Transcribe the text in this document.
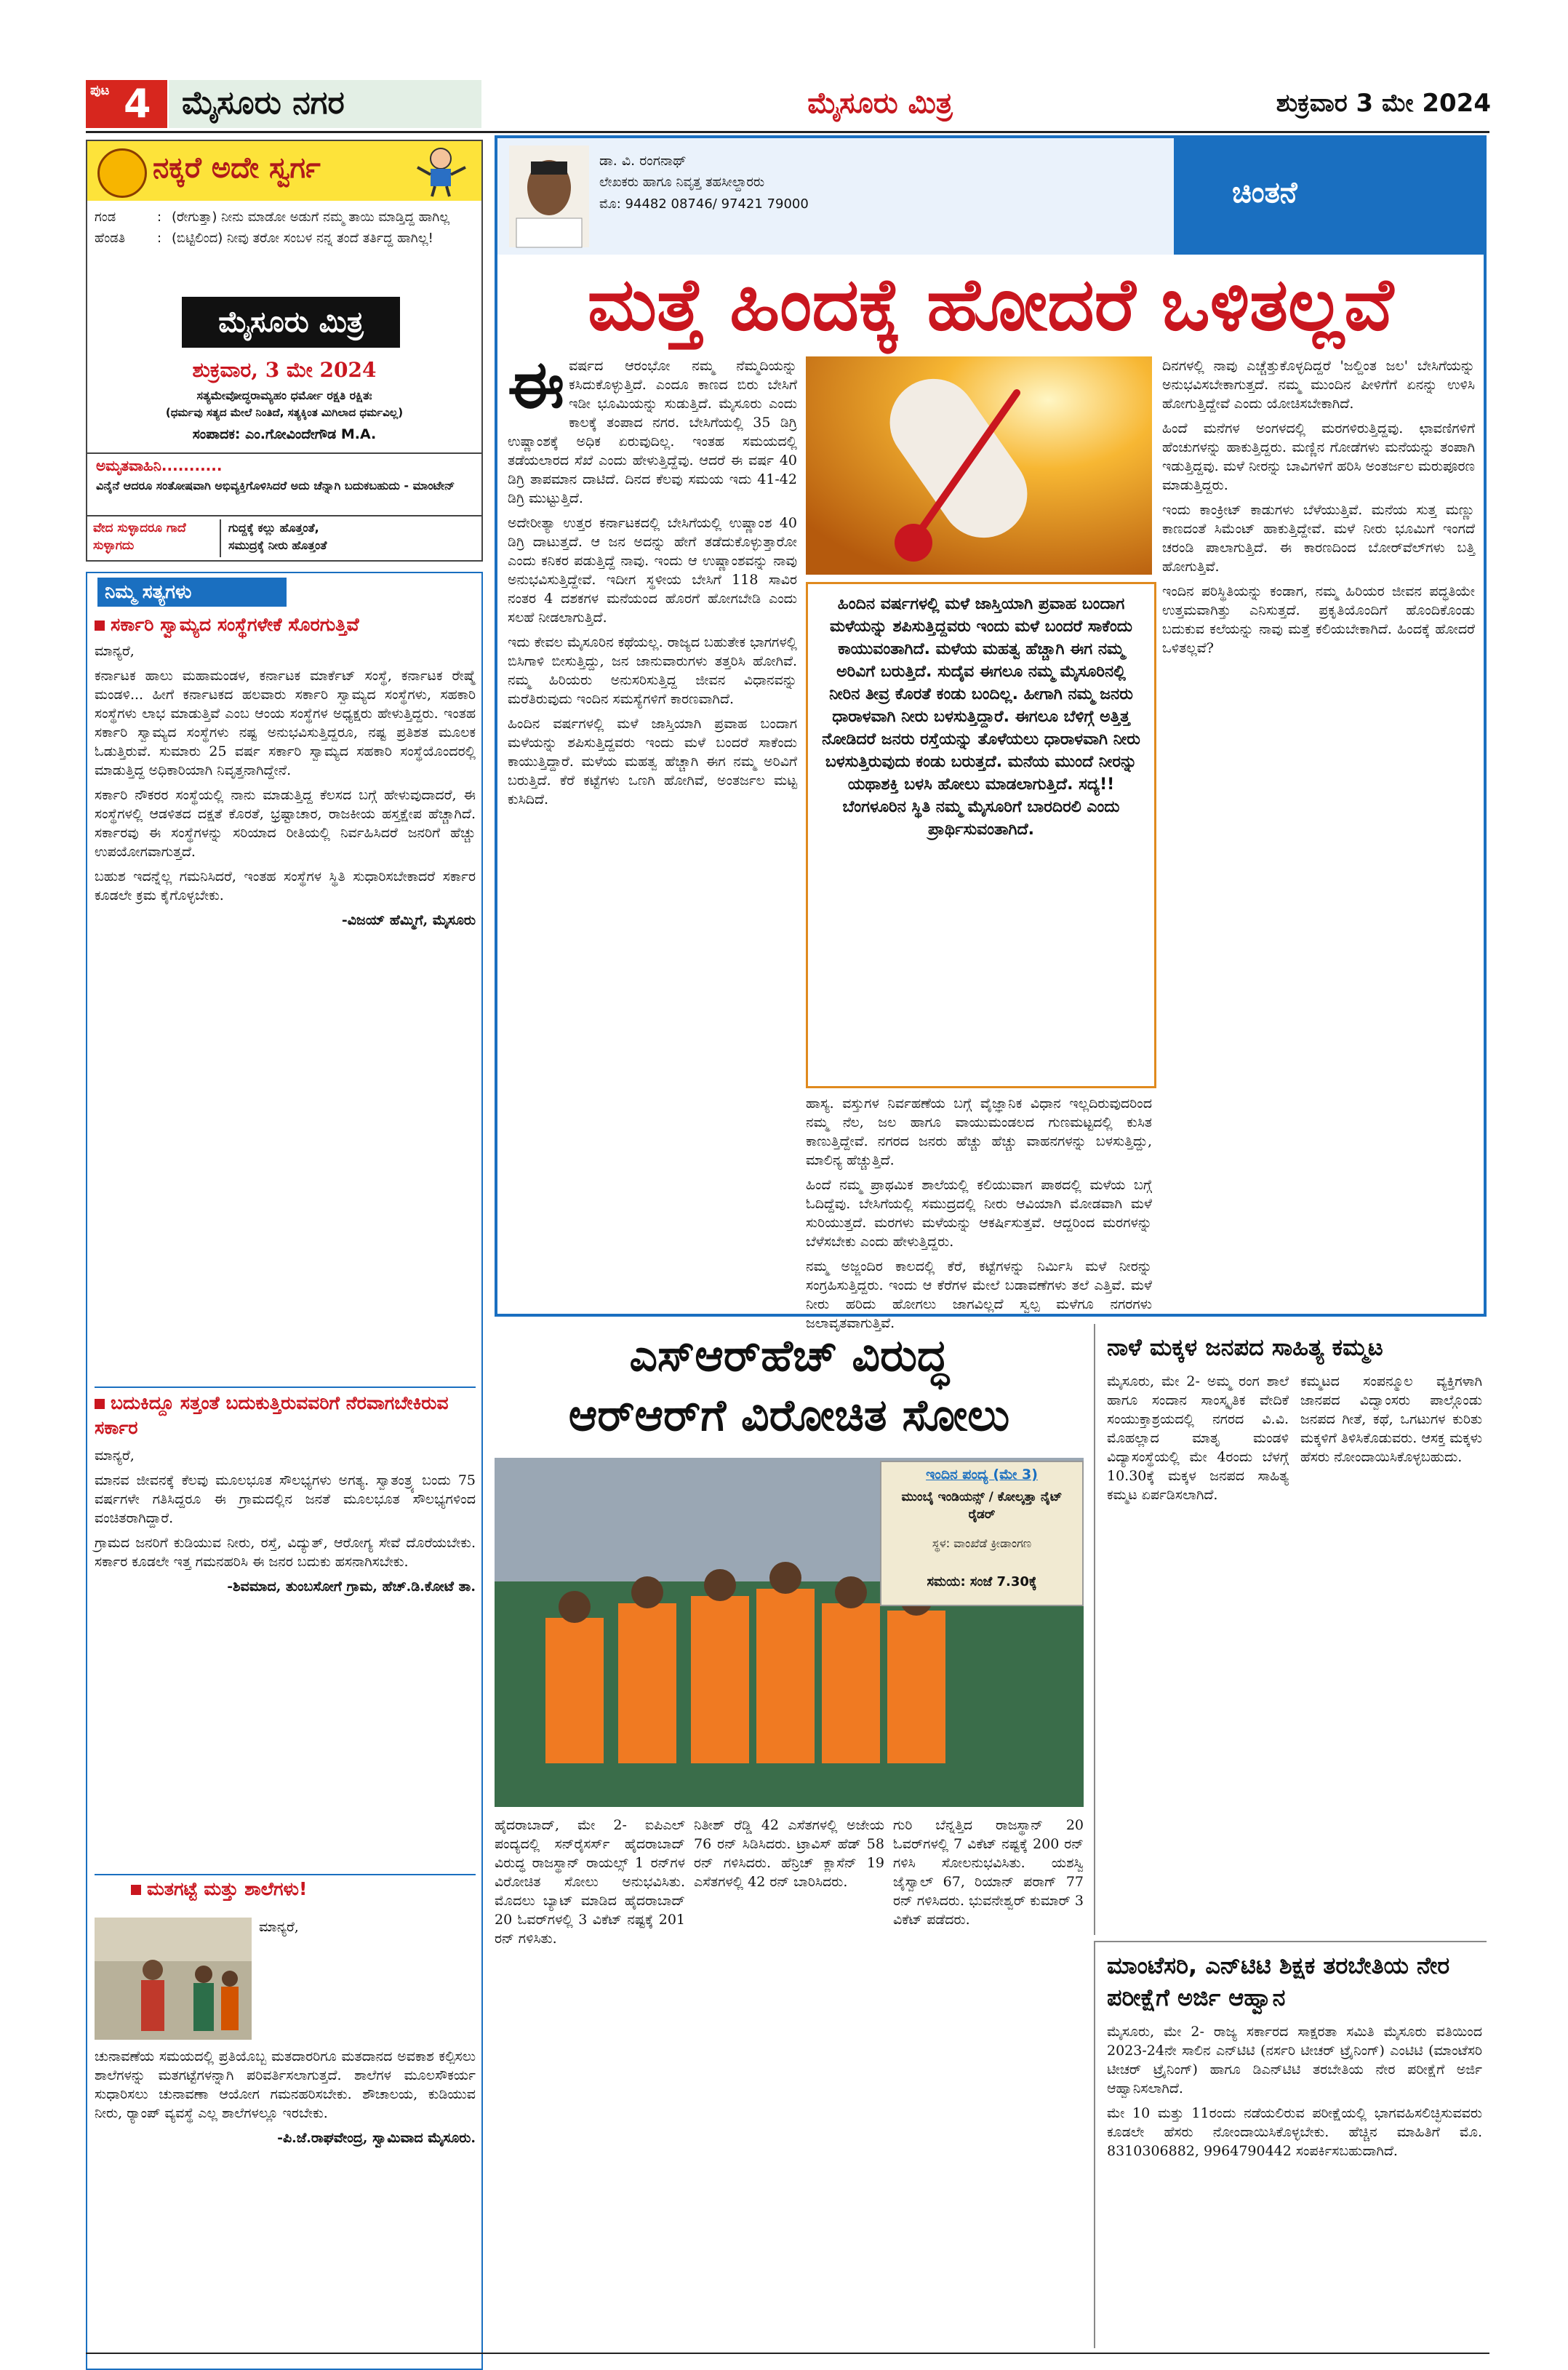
ಪುಟ 4 ಮೈಸೂರು ನಗರ	ಮೈಸೂರು ಮಿತ್ರ	ಶುಕ್ರವಾರ 3 ಮೇ 2024
ನಕ್ಕರೆ ಅದೇ ಸ್ವರ್ಗ
ಗಂಡ	: (ರೇಗುತ್ತಾ) ನೀನು ಮಾಡೋ ಅಡುಗೆ ನಮ್ಮ ತಾಯಿ ಮಾಡ್ತಿದ್ದ ಹಾಗಿಲ್ಲ
ಹೆಂಡತಿ	: (ಬಿಟ್ಟಿಲಿಂದ) ನೀವು ತರೋ ಸಂಬಳ ನನ್ನ ತಂದೆ ತರ್ತಿದ್ದ ಹಾಗಿಲ್ಲ!
ಮೈಸೂರು ಮಿತ್ರ
ಶುಕ್ರವಾರ, 3 ಮೇ 2024
ಸತ್ಯಮೇವೋದ್ಧರಾಮ್ಯಹಂ ಧರ್ಮೋ ರಕ್ಷತಿ ರಕ್ಷಿತಃ
(ಧರ್ಮವು ಸತ್ಯದ ಮೇಲೆ ನಿಂತಿದೆ, ಸತ್ಯಕ್ಕಿಂತ ಮಿಗಿಲಾದ ಧರ್ಮವಿಲ್ಲ)
ಸಂಪಾದಕ: ಎಂ.ಗೋವಿಂದೇಗೌಡ M.A.
ಅಮೃತವಾಹಿನಿ...........
ವಿನೈನೆ ಆದರೂ ಸಂತೋಷವಾಗಿ ಅಭಿವ್ಯಕ್ತಿಗೊಳಿಸಿದರೆ ಅದು ಚೆನ್ನಾಗಿ ಬದುಕಬಹುದು - ಮಾಂಟೇನ್
ವೇದ ಸುಳ್ಳಾದರೂ ಗಾದೆ ಸುಳ್ಳಾಗದು
ಗುದ್ದಕ್ಕೆ ಕಲ್ಲು ಹೊತ್ತಂತೆ,
ಸಮುದ್ರಕ್ಕೆ ನೀರು ಹೊತ್ತಂತೆ
ನಿಮ್ಮ ಸತ್ಯಗಳು
ಸರ್ಕಾರಿ ಸ್ವಾಮ್ಯದ ಸಂಸ್ಥೆಗಳೇಕೆ ಸೊರಗುತ್ತಿವೆ

ಮಾನ್ಯರೆ,

ಕರ್ನಾಟಕ ಹಾಲು ಮಹಾಮಂಡಳ, ಕರ್ನಾಟಕ ಮಾರ್ಕೆಟ್ ಸಂಸ್ಥೆ, ಕರ್ನಾಟಕ ರೇಷ್ಮೆ ಮಂಡಳಿ... ಹೀಗೆ ಕರ್ನಾಟಕದ ಹಲವಾರು ಸರ್ಕಾರಿ ಸ್ವಾಮ್ಯದ ಸಂಸ್ಥೆಗಳು, ಸಹಕಾರಿ ಸಂಸ್ಥೆಗಳು ಲಾಭ ಮಾಡುತ್ತಿವೆ ಎಂಬ ಆಂಯ ಸಂಸ್ಥೆಗಳ ಅಧ್ಯಕ್ಷರು ಹೇಳುತ್ತಿದ್ದರು. ಇಂತಹ ಸರ್ಕಾರಿ ಸ್ವಾಮ್ಯದ ಸಂಸ್ಥೆಗಳು ನಷ್ಟ ಅನುಭವಿಸುತ್ತಿದ್ದರೂ, ನಷ್ಟ ಪ್ರತಿಶತ ಮೂಲಕ ಓಡುತ್ತಿರುವೆ. ಸುಮಾರು 25 ವರ್ಷ ಸರ್ಕಾರಿ ಸ್ವಾಮ್ಯದ ಸಹಕಾರಿ ಸಂಸ್ಥೆಯೊಂದರಲ್ಲಿ ಮಾಡುತ್ತಿದ್ದ ಅಧಿಕಾರಿಯಾಗಿ ನಿವೃತ್ತನಾಗಿದ್ದೇನೆ.

ಸರ್ಕಾರಿ ನೌಕರರ ಸಂಸ್ಥೆಯಲ್ಲಿ ನಾನು ಮಾಡುತ್ತಿದ್ದ ಕೆಲಸದ ಬಗ್ಗೆ ಹೇಳುವುದಾದರೆ, ಈ ಸಂಸ್ಥೆಗಳಲ್ಲಿ ಆಡಳಿತದ ದಕ್ಷತೆ ಕೊರತೆ, ಭ್ರಷ್ಟಾಚಾರ, ರಾಜಕೀಯ ಹಸ್ತಕ್ಷೇಪ ಹೆಚ್ಚಾಗಿದೆ. ಸರ್ಕಾರವು ಈ ಸಂಸ್ಥೆಗಳನ್ನು ಸರಿಯಾದ ರೀತಿಯಲ್ಲಿ ನಿರ್ವಹಿಸಿದರೆ ಜನರಿಗೆ ಹೆಚ್ಚು ಉಪಯೋಗವಾಗುತ್ತದೆ.

ಬಹುಶ ಇದನ್ನೆಲ್ಲ ಗಮನಿಸಿದರೆ, ಇಂತಹ ಸಂಸ್ಥೆಗಳ ಸ್ಥಿತಿ ಸುಧಾರಿಸಬೇಕಾದರೆ ಸರ್ಕಾರ ಕೂಡಲೇ ಕ್ರಮ ಕೈಗೊಳ್ಳಬೇಕು.

-ವಿಜಯ್ ಹೆಮ್ಮಿಗೆ, ಮೈಸೂರು

ಬದುಕಿದ್ದೂ ಸತ್ತಂತೆ ಬದುಕುತ್ತಿರುವವರಿಗೆ ನೆರವಾಗಬೇಕಿರುವ ಸರ್ಕಾರ

ಮಾನ್ಯರೆ,

ಮಾನವ ಜೀವನಕ್ಕೆ ಕೆಲವು ಮೂಲಭೂತ ಸೌಲಭ್ಯಗಳು ಅಗತ್ಯ. ಸ್ವಾತಂತ್ರ್ಯ ಬಂದು 75 ವರ್ಷಗಳೇ ಗತಿಸಿದ್ದರೂ ಈ ಗ್ರಾಮದಲ್ಲಿನ ಜನತೆ ಮೂಲಭೂತ ಸೌಲಭ್ಯಗಳಿಂದ ವಂಚಿತರಾಗಿದ್ದಾರೆ.

ಗ್ರಾಮದ ಜನರಿಗೆ ಕುಡಿಯುವ ನೀರು, ರಸ್ತೆ, ವಿದ್ಯುತ್, ಆರೋಗ್ಯ ಸೇವೆ ದೊರೆಯಬೇಕು. ಸರ್ಕಾರ ಕೂಡಲೇ ಇತ್ತ ಗಮನಹರಿಸಿ ಈ ಜನರ ಬದುಕು ಹಸನಾಗಿಸಬೇಕು.

-ಶಿವಮಾದ, ತುಂಬಸೋಗೆ ಗ್ರಾಮ, ಹೆಚ್.ಡಿ.ಕೋಟೆ ತಾ.

ಮತಗಟ್ಟೆ ಮತ್ತು ಶಾಲೆಗಳು!

ಮಾನ್ಯರೆ,

ಚುನಾವಣೆಯ ಸಮಯದಲ್ಲಿ ಪ್ರತಿಯೊಬ್ಬ ಮತದಾರರಿಗೂ ಮತದಾನದ ಅವಕಾಶ ಕಲ್ಪಿಸಲು ಶಾಲೆಗಳನ್ನು ಮತಗಟ್ಟೆಗಳನ್ನಾಗಿ ಪರಿವರ್ತಿಸಲಾಗುತ್ತದೆ. ಶಾಲೆಗಳ ಮೂಲಸೌಕರ್ಯ ಸುಧಾರಿಸಲು ಚುನಾವಣಾ ಆಯೋಗ ಗಮನಹರಿಸಬೇಕು. ಶೌಚಾಲಯ, ಕುಡಿಯುವ ನೀರು, ರ್‍ಯಾಂಪ್ ವ್ಯವಸ್ಥೆ ಎಲ್ಲ ಶಾಲೆಗಳಲ್ಲೂ ಇರಬೇಕು.

-ಪಿ.ಜೆ.ರಾಘವೇಂದ್ರ, ಸ್ವಾಮಿವಾದ ಮೈಸೂರು.

ಡಾ. ವಿ. ರಂಗನಾಥ್
ಲೇಖಕರು ಹಾಗೂ ನಿವೃತ್ತ ತಹಸೀಲ್ದಾರರು
ಮೊ: 94482 08746/ 97421 79000	ಚಿಂತನೆ
ಮತ್ತೆ ಹಿಂದಕ್ಕೆ ಹೋದರೆ ಒಳಿತಲ್ಲವೆ
ಈ ವರ್ಷದ ಆರಂಭೋ ನಮ್ಮ ನೆಮ್ಮದಿಯನ್ನು ಕಸಿದುಕೊಳ್ಳುತ್ತಿದೆ. ಎಂದೂ ಕಾಣದ ಬಿರು ಬೇಸಿಗೆ ಇಡೀ ಭೂಮಿಯನ್ನು ಸುಡುತ್ತಿದೆ. ಮೈಸೂರು ಎಂದು ಕಾಲಕ್ಕೆ ತಂಪಾದ ನಗರ. ಬೇಸಿಗೆಯಲ್ಲಿ 35 ಡಿಗ್ರಿ ಉಷ್ಣಾಂಶಕ್ಕೆ ಅಧಿಕ ಏರುವುದಿಲ್ಲ. ಇಂತಹ ಸಮಯದಲ್ಲಿ ತಡೆಯಲಾರದ ಸೆಖೆ ಎಂದು ಹೇಳುತ್ತಿದ್ದೆವು. ಆದರೆ ಈ ವರ್ಷ 40 ಡಿಗ್ರಿ ತಾಪಮಾನ ದಾಟಿದೆ. ದಿನದ ಕೆಲವು ಸಮಯ ಇದು 41-42 ಡಿಗ್ರಿ ಮುಟ್ಟುತ್ತಿದೆ.

ಅದೇರೀತ್ಯಾ ಉತ್ತರ ಕರ್ನಾಟಕದಲ್ಲಿ ಬೇಸಿಗೆಯಲ್ಲಿ ಉಷ್ಣಾಂಶ 40 ಡಿಗ್ರಿ ದಾಟುತ್ತದೆ. ಆ ಜನ ಅದನ್ನು ಹೇಗೆ ತಡೆದುಕೊಳ್ಳುತ್ತಾರೋ ಎಂದು ಕನಿಕರ ಪಡುತ್ತಿದ್ದೆ ನಾವು. ಇಂದು ಆ ಉಷ್ಣಾಂಶವನ್ನು ನಾವು ಅನುಭವಿಸುತ್ತಿದ್ದೇವೆ. ಇದೀಗ ಸ್ಥಳೀಯ ಬೇಸಿಗೆ 118 ಸಾವಿರ ನಂತರ 4 ದಶಕಗಳ ಮನೆಯಂದ ಹೊರಗೆ ಹೋಗಬೇಡಿ ಎಂದು ಸಲಹೆ ನೀಡಲಾಗುತ್ತಿದೆ.

ಇದು ಕೇವಲ ಮೈಸೂರಿನ ಕಥೆಯಲ್ಲ. ರಾಜ್ಯದ ಬಹುತೇಕ ಭಾಗಗಳಲ್ಲಿ ಬಿಸಿಗಾಳಿ ಬೀಸುತ್ತಿದ್ದು, ಜನ ಜಾನುವಾರುಗಳು ತತ್ತರಿಸಿ ಹೋಗಿವೆ. ನಮ್ಮ ಹಿರಿಯರು ಅನುಸರಿಸುತ್ತಿದ್ದ ಜೀವನ ವಿಧಾನವನ್ನು ಮರೆತಿರುವುದು ಇಂದಿನ ಸಮಸ್ಯೆಗಳಿಗೆ ಕಾರಣವಾಗಿದೆ.

ಹಿಂದಿನ ವರ್ಷಗಳಲ್ಲಿ ಮಳೆ ಜಾಸ್ತಿಯಾಗಿ ಪ್ರವಾಹ ಬಂದಾಗ ಮಳೆಯನ್ನು ಶಪಿಸುತ್ತಿದ್ದವರು ಇಂದು ಮಳೆ ಬಂದರೆ ಸಾಕೆಂದು ಕಾಯುತ್ತಿದ್ದಾರೆ. ಮಳೆಯ ಮಹತ್ವ ಹೆಚ್ಚಾಗಿ ಈಗ ನಮ್ಮ ಅರಿವಿಗೆ ಬರುತ್ತಿದೆ. ಕೆರೆ ಕಟ್ಟೆಗಳು ಒಣಗಿ ಹೋಗಿವೆ, ಅಂತರ್ಜಲ ಮಟ್ಟ ಕುಸಿದಿದೆ.

ಹಿಂದಿನ ವರ್ಷಗಳಲ್ಲಿ ಮಳೆ ಜಾಸ್ತಿಯಾಗಿ ಪ್ರವಾಹ ಬಂದಾಗ ಮಳೆಯನ್ನು ಶಪಿಸುತ್ತಿದ್ದವರು ಇಂದು ಮಳೆ ಬಂದರೆ ಸಾಕೆಂದು ಕಾಯುವಂತಾಗಿದೆ. ಮಳೆಯ ಮಹತ್ವ ಹೆಚ್ಚಾಗಿ ಈಗ ನಮ್ಮ ಅರಿವಿಗೆ ಬರುತ್ತಿದೆ. ಸುದೈವ ಈಗಲೂ ನಮ್ಮ ಮೈಸೂರಿನಲ್ಲಿ ನೀರಿನ ತೀವ್ರ ಕೊರತೆ ಕಂಡು ಬಂದಿಲ್ಲ. ಹೀಗಾಗಿ ನಮ್ಮ ಜನರು ಧಾರಾಳವಾಗಿ ನೀರು ಬಳಸುತ್ತಿದ್ದಾರೆ. ಈಗಲೂ ಬೆಳಿಗ್ಗೆ ಅತ್ತಿತ್ತ ನೋಡಿದರೆ ಜನರು ರಸ್ತೆಯನ್ನು ತೊಳೆಯಲು ಧಾರಾಳವಾಗಿ ನೀರು ಬಳಸುತ್ತಿರುವುದು ಕಂಡು ಬರುತ್ತದೆ. ಮನೆಯ ಮುಂದೆ ನೀರನ್ನು ಯಥಾಶಕ್ತಿ ಬಳಸಿ ಹೋಲು ಮಾಡಲಾಗುತ್ತಿದೆ. ಸದ್ಯ!! ಬೆಂಗಳೂರಿನ ಸ್ಥಿತಿ ನಮ್ಮ ಮೈಸೂರಿಗೆ ಬಾರದಿರಲಿ ಎಂದು ಪ್ರಾರ್ಥಿಸುವಂತಾಗಿದೆ.

ಹಾಸ್ಯ. ವಸ್ತುಗಳ ನಿರ್ವಹಣೆಯ ಬಗ್ಗೆ ವೈಜ್ಞಾನಿಕ ವಿಧಾನ ಇಲ್ಲದಿರುವುದರಿಂದ ನಮ್ಮ ನೆಲ, ಜಲ ಹಾಗೂ ವಾಯುಮಂಡಲದ ಗುಣಮಟ್ಟದಲ್ಲಿ ಕುಸಿತ ಕಾಣುತ್ತಿದ್ದೇವೆ. ನಗರದ ಜನರು ಹೆಚ್ಚು ಹೆಚ್ಚು ವಾಹನಗಳನ್ನು ಬಳಸುತ್ತಿದ್ದು, ಮಾಲಿನ್ಯ ಹೆಚ್ಚುತ್ತಿದೆ.

ಹಿಂದೆ ನಮ್ಮ ಪ್ರಾಥಮಿಕ ಶಾಲೆಯಲ್ಲಿ ಕಲಿಯುವಾಗ ಪಾಠದಲ್ಲಿ ಮಳೆಯ ಬಗ್ಗೆ ಓದಿದ್ದೆವು. ಬೇಸಿಗೆಯಲ್ಲಿ ಸಮುದ್ರದಲ್ಲಿ ನೀರು ಆವಿಯಾಗಿ ಮೋಡವಾಗಿ ಮಳೆ ಸುರಿಯುತ್ತದೆ. ಮರಗಳು ಮಳೆಯನ್ನು ಆಕರ್ಷಿಸುತ್ತವೆ. ಆದ್ದರಿಂದ ಮರಗಳನ್ನು ಬೆಳೆಸಬೇಕು ಎಂದು ಹೇಳುತ್ತಿದ್ದರು.

ನಮ್ಮ ಅಜ್ಜಂದಿರ ಕಾಲದಲ್ಲಿ ಕೆರೆ, ಕಟ್ಟೆಗಳನ್ನು ನಿರ್ಮಿಸಿ ಮಳೆ ನೀರನ್ನು ಸಂಗ್ರಹಿಸುತ್ತಿದ್ದರು. ಇಂದು ಆ ಕೆರೆಗಳ ಮೇಲೆ ಬಡಾವಣೆಗಳು ತಲೆ ಎತ್ತಿವೆ. ಮಳೆ ನೀರು ಹರಿದು ಹೋಗಲು ಜಾಗವಿಲ್ಲದೆ ಸ್ವಲ್ಪ ಮಳೆಗೂ ನಗರಗಳು ಜಲಾವೃತವಾಗುತ್ತಿವೆ.

ದಿನಗಳಲ್ಲಿ ನಾವು ಎಚ್ಚೆತ್ತುಕೊಳ್ಳದಿದ್ದರೆ 'ಜಲ್ದಿಂತ ಜಲ' ಬೇಸಿಗೆಯನ್ನು ಅನುಭವಿಸಬೇಕಾಗುತ್ತದೆ. ನಮ್ಮ ಮುಂದಿನ ಪೀಳಿಗೆಗೆ ಏನನ್ನು ಉಳಿಸಿ ಹೋಗುತ್ತಿದ್ದೇವೆ ಎಂದು ಯೋಚಿಸಬೇಕಾಗಿದೆ.

ಹಿಂದೆ ಮನೆಗಳ ಅಂಗಳದಲ್ಲಿ ಮರಗಳಿರುತ್ತಿದ್ದವು. ಛಾವಣಿಗಳಿಗೆ ಹೆಂಚುಗಳನ್ನು ಹಾಕುತ್ತಿದ್ದರು. ಮಣ್ಣಿನ ಗೋಡೆಗಳು ಮನೆಯನ್ನು ತಂಪಾಗಿ ಇಡುತ್ತಿದ್ದವು. ಮಳೆ ನೀರನ್ನು ಬಾವಿಗಳಿಗೆ ಹರಿಸಿ ಅಂತರ್ಜಲ ಮರುಪೂರಣ ಮಾಡುತ್ತಿದ್ದರು.

ಇಂದು ಕಾಂಕ್ರೀಟ್ ಕಾಡುಗಳು ಬೆಳೆಯುತ್ತಿವೆ. ಮನೆಯ ಸುತ್ತ ಮಣ್ಣು ಕಾಣದಂತೆ ಸಿಮೆಂಟ್ ಹಾಕುತ್ತಿದ್ದೇವೆ. ಮಳೆ ನೀರು ಭೂಮಿಗೆ ಇಂಗದೆ ಚರಂಡಿ ಪಾಲಾಗುತ್ತಿದೆ. ಈ ಕಾರಣದಿಂದ ಬೋರ್‌ವೆಲ್‌ಗಳು ಬತ್ತಿ ಹೋಗುತ್ತಿವೆ.

ಇಂದಿನ ಪರಿಸ್ಥಿತಿಯನ್ನು ಕಂಡಾಗ, ನಮ್ಮ ಹಿರಿಯರ ಜೀವನ ಪದ್ಧತಿಯೇ ಉತ್ತಮವಾಗಿತ್ತು ಎನಿಸುತ್ತದೆ. ಪ್ರಕೃತಿಯೊಂದಿಗೆ ಹೊಂದಿಕೊಂಡು ಬದುಕುವ ಕಲೆಯನ್ನು ನಾವು ಮತ್ತೆ ಕಲಿಯಬೇಕಾಗಿದೆ. ಹಿಂದಕ್ಕೆ ಹೋದರೆ ಒಳಿತಲ್ಲವೆ?

ಎಸ್‌ಆರ್‌ಹೆಚ್ ವಿರುದ್ಧ
ಆರ್‌ಆರ್‌ಗೆ ವಿರೋಚಿತ ಸೋಲು
ಇಂದಿನ ಪಂದ್ಯ (ಮೇ 3)
ಮುಂಬೈ ಇಂಡಿಯನ್ಸ್ / ಕೋಲ್ಕತ್ತಾ ನೈಟ್ ರೈಡರ್
ಸ್ಥಳ: ವಾಂಖೆಡೆ ಕ್ರೀಡಾಂಗಣ
ಸಮಯ: ಸಂಜೆ 7.30ಕ್ಕೆ

ಹೈದರಾಬಾದ್, ಮೇ 2- ಐಪಿಎಲ್ ಪಂದ್ಯದಲ್ಲಿ ಸನ್‌ರೈಸರ್ಸ್ ಹೈದರಾಬಾದ್ ವಿರುದ್ಧ ರಾಜಸ್ಥಾನ್ ರಾಯಲ್ಸ್ 1 ರನ್‌ಗಳ ವಿರೋಚಿತ ಸೋಲು ಅನುಭವಿಸಿತು. ಮೊದಲು ಬ್ಯಾಟ್ ಮಾಡಿದ ಹೈದರಾಬಾದ್ 20 ಓವರ್‌ಗಳಲ್ಲಿ 3 ವಿಕೆಟ್ ನಷ್ಟಕ್ಕೆ 201 ರನ್ ಗಳಿಸಿತು.

ನಿತೀಶ್ ರೆಡ್ಡಿ 42 ಎಸೆತಗಳಲ್ಲಿ ಅಜೇಯ 76 ರನ್ ಸಿಡಿಸಿದರು. ಟ್ರಾವಿಸ್ ಹೆಡ್ 58 ರನ್ ಗಳಿಸಿದರು. ಹೆನ್ರಿಚ್ ಕ್ಲಾಸೆನ್ 19 ಎಸೆತಗಳಲ್ಲಿ 42 ರನ್ ಬಾರಿಸಿದರು.

ಗುರಿ ಬೆನ್ನತ್ತಿದ ರಾಜಸ್ಥಾನ್ 20 ಓವರ್‌ಗಳಲ್ಲಿ 7 ವಿಕೆಟ್ ನಷ್ಟಕ್ಕೆ 200 ರನ್ ಗಳಿಸಿ ಸೋಲನುಭವಿಸಿತು. ಯಶಸ್ವಿ ಜೈಸ್ವಾಲ್ 67, ರಿಯಾನ್ ಪರಾಗ್ 77 ರನ್ ಗಳಿಸಿದರು. ಭುವನೇಶ್ವರ್ ಕುಮಾರ್ 3 ವಿಕೆಟ್ ಪಡೆದರು.

ನಾಳೆ ಮಕ್ಕಳ ಜನಪದ ಸಾಹಿತ್ಯ ಕಮ್ಮಟ

ಮೈಸೂರು, ಮೇ 2- ಅಮ್ಮ ರಂಗ ಶಾಲೆ ಹಾಗೂ ಸಂದಾನ ಸಾಂಸ್ಕೃತಿಕ ವೇದಿಕೆ ಸಂಯುಕ್ತಾಶ್ರಯದಲ್ಲಿ ನಗರದ ವಿ.ವಿ. ಮೊಹಲ್ಲಾದ ಮಾತೃ ಮಂಡಳಿ ವಿದ್ಯಾಸಂಸ್ಥೆಯಲ್ಲಿ ಮೇ 4ರಂದು ಬೆಳಗ್ಗೆ 10.30ಕ್ಕೆ ಮಕ್ಕಳ ಜನಪದ ಸಾಹಿತ್ಯ ಕಮ್ಮಟ ಏರ್ಪಡಿಸಲಾಗಿದೆ.

ಕಮ್ಮಟದ ಸಂಪನ್ಮೂಲ ವ್ಯಕ್ತಿಗಳಾಗಿ ಜಾನಪದ ವಿದ್ವಾಂಸರು ಪಾಲ್ಗೊಂಡು ಜನಪದ ಗೀತೆ, ಕಥೆ, ಒಗಟುಗಳ ಕುರಿತು ಮಕ್ಕಳಿಗೆ ತಿಳಿಸಿಕೊಡುವರು. ಆಸಕ್ತ ಮಕ್ಕಳು ಹೆಸರು ನೋಂದಾಯಿಸಿಕೊಳ್ಳಬಹುದು.

ಮಾಂಟೆಸರಿ, ಎನ್‌ಟಿಟಿ ಶಿಕ್ಷಕ ತರಬೇತಿಯ ನೇರ ಪರೀಕ್ಷೆಗೆ ಅರ್ಜಿ ಆಹ್ವಾನ

ಮೈಸೂರು, ಮೇ 2- ರಾಜ್ಯ ಸರ್ಕಾರದ ಸಾಕ್ಷರತಾ ಸಮಿತಿ ಮೈಸೂರು ವತಿಯಿಂದ 2023-24ನೇ ಸಾಲಿನ ಎನ್‌ಟಿಟಿ (ನರ್ಸರಿ ಟೀಚರ್ ಟ್ರೈನಿಂಗ್) ಎಂಟಿಟಿ (ಮಾಂಟೆಸರಿ ಟೀಚರ್ ಟ್ರೈನಿಂಗ್) ಹಾಗೂ ಡಿಎನ್‌ಟಿಟಿ ತರಬೇತಿಯ ನೇರ ಪರೀಕ್ಷೆಗೆ ಅರ್ಜಿ ಆಹ್ವಾನಿಸಲಾಗಿದೆ.

ಮೇ 10 ಮತ್ತು 11ರಂದು ನಡೆಯಲಿರುವ ಪರೀಕ್ಷೆಯಲ್ಲಿ ಭಾಗವಹಿಸಲಿಚ್ಛಿಸುವವರು ಕೂಡಲೇ ಹೆಸರು ನೋಂದಾಯಿಸಿಕೊಳ್ಳಬೇಕು. ಹೆಚ್ಚಿನ ಮಾಹಿತಿಗೆ ಮೊ. 8310306882, 9964790442 ಸಂಪರ್ಕಿಸಬಹುದಾಗಿದೆ.
